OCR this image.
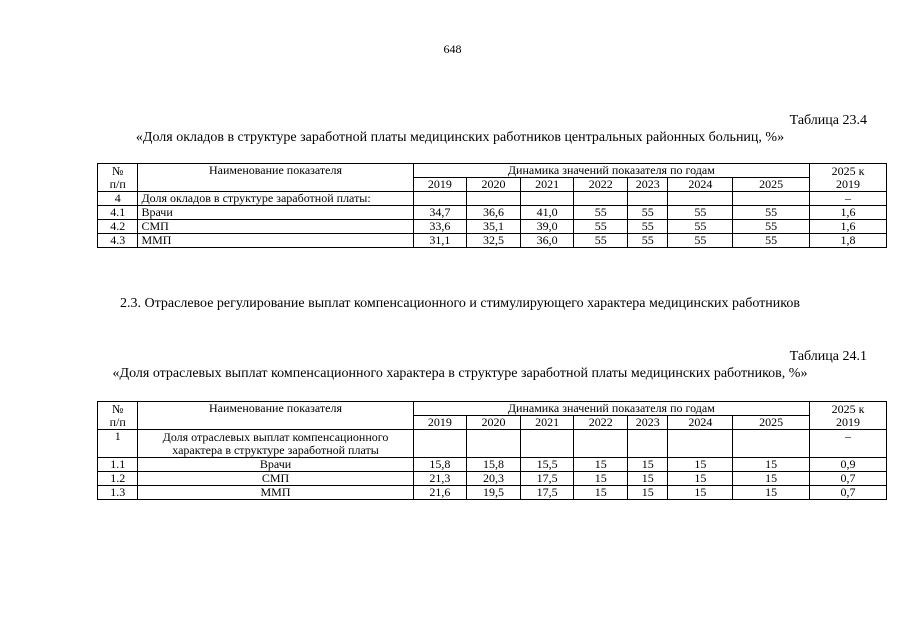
648
Таблица 23.4
«Доля окладов в структуре заработной платы медицинских работников центральных районных больниц, %»
№
п/п	Наименование показателя	Динамика значений показателя по годам							2025 к
2019
		2019	2020	2021	2022	2023	2024	2025	
4	Доля окладов в структуре заработной платы:								–
4.1	Врачи	34,7	36,6	41,0	55	55	55	55	1,6
4.2	СМП	33,6	35,1	39,0	55	55	55	55	1,6
4.3	ММП	31,1	32,5	36,0	55	55	55	55	1,8
2.3. Отраслевое регулирование выплат компенсационного и стимулирующего характера медицинских работников
Таблица 24.1
«Доля отраслевых выплат компенсационного характера в структуре заработной платы медицинских работников, %»
№
п/п	Наименование показателя	Динамика значений показателя по годам							2025 к
2019
		2019	2020	2021	2022	2023	2024	2025	
1	Доля отраслевых выплат компенсационного характера в структуре заработной платы								–
1.1	Врачи	15,8	15,8	15,5	15	15	15	15	0,9
1.2	СМП	21,3	20,3	17,5	15	15	15	15	0,7
1.3	ММП	21,6	19,5	17,5	15	15	15	15	0,7
